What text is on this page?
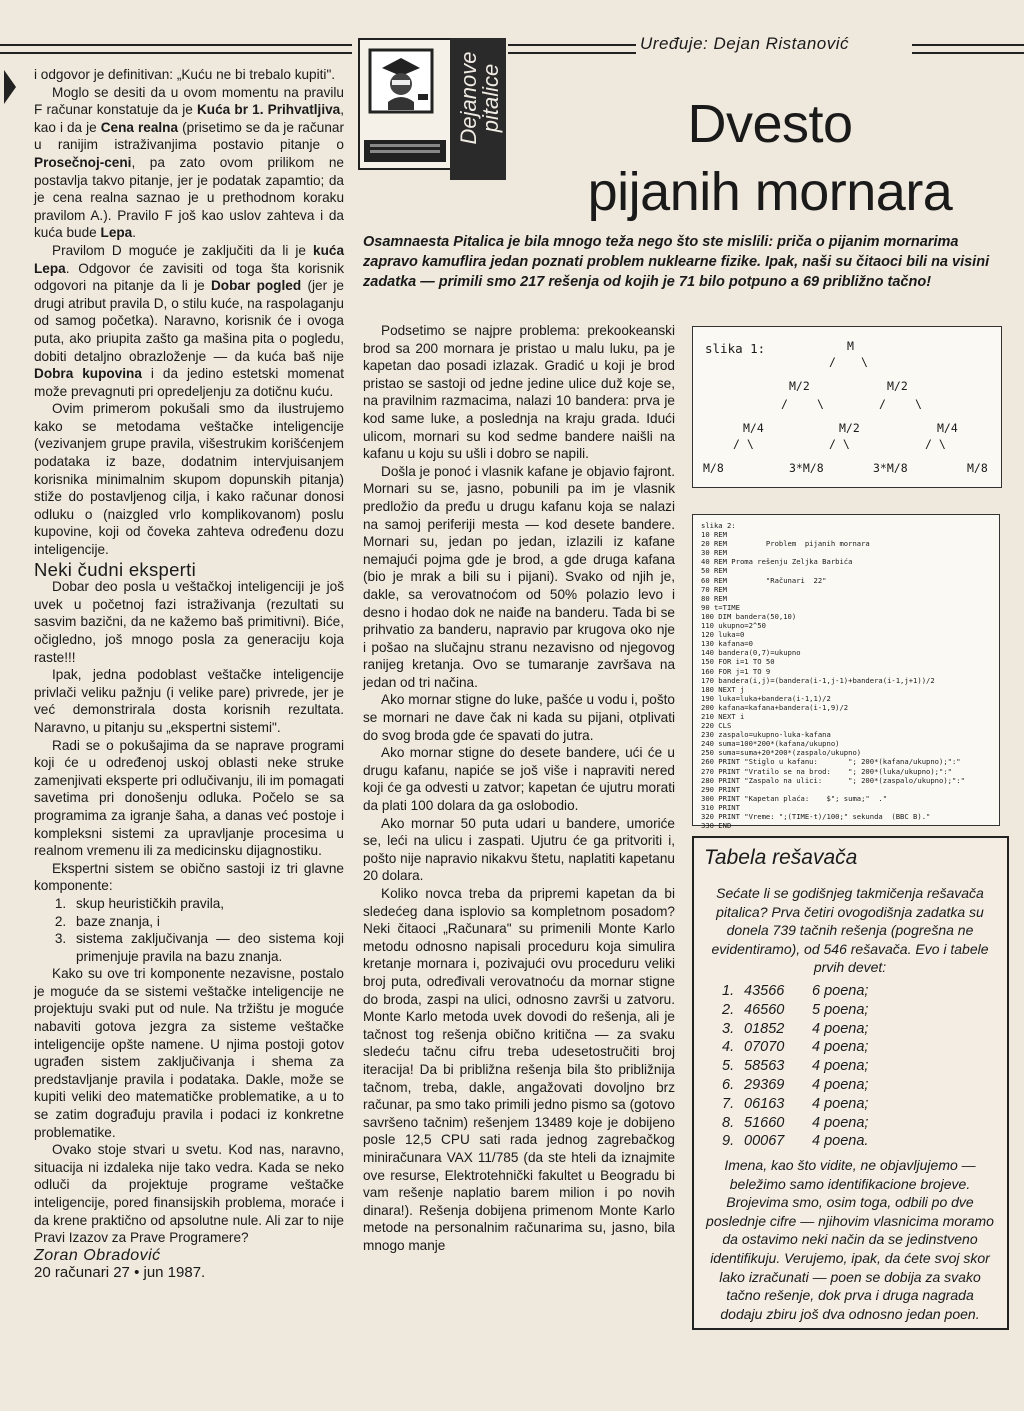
Uređuje: Dejan Ristanović
Dejanove pitalice	Dvesto
pijanih mornara
Osamnaesta Pitalica je bila mnogo teža nego što ste mislili: priča o pijanim mornarima zapravo kamuflira jedan poznati problem nuklearne fizike. Ipak, naši su čitaoci bili na visini zadatka — primili smo 217 rešenja od kojih je 71 bilo potpuno a 69 približno tačno!

i odgovor je definitivan: „Kuću ne bi trebalo kupiti".

Moglo se desiti da u ovom momentu na pravilu F računar konstatuje da je Kuća br 1. Prihvatljiva, kao i da je Cena realna (prisetimo se da je računar u ranijim istraživanjima postavio pitanje o Prosečnoj-ceni, pa zato ovom prilikom ne postavlja takvo pitanje, jer je podatak zapamtio; da je cena realna saznao je u prethodnom koraku pravilom A.). Pravilo F još kao uslov zahteva i da kuća bude Lepa.

Pravilom D moguće je zaključiti da li je kuća Lepa. Odgovor će zavisiti od toga šta korisnik odgovori na pitanje da li je Dobar pogled (jer je drugi atribut pravila D, o stilu kuće, na raspolaganju od samog početka). Naravno, korisnik će i ovoga puta, ako priupita zašto ga mašina pita o pogledu, dobiti detaljno obrazloženje — da kuća baš nije Dobra kupovina i da jedino estetski momenat može prevagnuti pri opredeljenju za dotičnu kuću.

Ovim primerom pokušali smo da ilustrujemo kako se metodama veštačke inteligencije (vezivanjem grupe pravila, višestrukim korišćenjem podataka iz baze, dodatnim intervjuisanjem korisnika minimalnim skupom dopunskih pitanja) stiže do postavljenog cilja, i kako računar donosi odluku o (naizgled vrlo komplikovanom) poslu kupovine, koji od čoveka zahteva određenu dozu inteligencije.

Neki čudni eksperti

Dobar deo posla u veštačkoj inteligenciji je još uvek u početnoj fazi istraživanja (rezultati su sasvim bazični, da ne kažemo baš primitivni). Biće, očigledno, još mnogo posla za generaciju koja raste!!!

Ipak, jedna podoblast veštačke inteligencije privlači veliku pažnju (i velike pare) privrede, jer je već demonstrirala dosta korisnih rezultata. Naravno, u pitanju su „ekspertni sistemi".

Radi se o pokušajima da se naprave programi koji će u određenoj uskoj oblasti neke struke zamenjivati eksperte pri odlučivanju, ili im pomagati savetima pri donošenju odluka. Počelo se sa programima za igranje šaha, a danas već postoje i kompleksni sistemi za upravljanje procesima u realnom vremenu ili za medicinsku dijagnostiku.

Ekspertni sistem se obično sastoji iz tri glavne komponente:

1. skup heurističkih pravila,
2. baze znanja, i
3. sistema zaključivanja — deo sistema koji primenjuje pravila na bazu znanja.

Kako su ove tri komponente nezavisne, postalo je moguće da se sistemi veštačke inteligencije ne projektuju svaki put od nule. Na tržištu je moguće nabaviti gotova jezgra za sisteme veštačke inteligencije opšte namene. U njima postoji gotov ugrađen sistem zaključivanja i shema za predstavljanje pravila i podataka. Dakle, može se kupiti veliki deo matematičke problematike, a u to se zatim dograđuju pravila i podaci iz konkretne problematike.

Ovako stoje stvari u svetu. Kod nas, naravno, situacija ni izdaleka nije tako vedra. Kada se neko odluči da projektuje programe veštačke inteligencije, pored finansijskih problema, moraće i da krene praktično od apsolutne nule. Ali zar to nije Pravi Izazov za Prave Programere?

Zoran Obradović
20 računari 27 • jun 1987.

Podsetimo se najpre problema: prekookeanski brod sa 200 mornara je pristao u malu luku, pa je kapetan dao posadi izlazak. Gradić u koji je brod pristao se sastoji od jedne jedine ulice duž koje se, na pravilnim razmacima, nalazi 10 bandera: prva je kod same luke, a poslednja na kraju grada. Idući ulicom, mornari su kod sedme bandere naišli na kafanu u koju su ušli i dobro se napili.

Došla je ponoć i vlasnik kafane je objavio fajront. Mornari su se, jasno, pobunili pa im je vlasnik predložio da pređu u drugu kafanu koja se nalazi na samoj periferiji mesta — kod desete bandere. Mornari su, jedan po jedan, izlazili iz kafane nemajući pojma gde je brod, a gde druga kafana (bio je mrak a bili su i pijani). Svako od njih je, dakle, sa verovatnoćom od 50% polazio levo i desno i hodao dok ne naiđe na banderu. Tada bi se prihvatio za banderu, napravio par krugova oko nje i pošao na slučajnu stranu nezavisno od njegovog ranijeg kretanja. Ovo se tumaranje završava na jedan od tri načina.

Ako mornar stigne do luke, pašće u vodu i, pošto se mornari ne dave čak ni kada su pijani, otplivati do svog broda gde će spavati do jutra.

Ako mornar stigne do desete bandere, ući će u drugu kafanu, napiće se još više i napraviti nered koji će ga odvesti u zatvor; kapetan će ujutru morati da plati 100 dolara da ga oslobodio.

Ako mornar 50 puta udari u bandere, umoriće se, leći na ulicu i zaspati. Ujutru će ga pritvoriti i, pošto nije napravio nikakvu štetu, naplatiti kapetanu 20 dolara.

Koliko novca treba da pripremi kapetan da bi sledećeg dana isplovio sa kompletnom posadom? Neki čitaoci „Računara" su primenili Monte Karlo metodu odnosno napisali proceduru koja simulira kretanje mornara i, pozivajući ovu proceduru veliki broj puta, određivali verovatnoću da mornar stigne do broda, zaspi na ulici, odnosno završi u zatvoru. Monte Karlo metoda uvek dovodi do rešenja, ali je tačnost tog rešenja obično kritična — za svaku sledeću tačnu cifru treba udesetostručiti broj iteracija! Da bi približna rešenja bila što približnija tačnom, treba, dakle, angažovati dovoljno brz računar, pa smo tako primili jedno pismo sa (gotovo savršeno tačnim) rešenjem 13489 koje je dobijeno posle 12,5 CPU sati rada jednog zagrebačkog miniračunara VAX 11/785 (da ste hteli da iznajmite ove resurse, Elektrotehnički fakultet u Beogradu bi vam rešenje naplatio barem milion i po novih dinara!). Rešenja dobijena primenom Monte Karlo metode na personalnim računarima su, jasno, bila mnogo manje

slika 1:	M
/ \
M/2	M/2
/	\	/	\
M/4	M/2	M/4
/ \	/ \	/ \
M/8	3*M/8	3*M/8	M/8
slika 2:
10 REM
20 REM         Problem  pijanih mornara
30 REM
40 REM Proma rešenju Zeljka Barbića
50 REM
60 REM         "Računari  22"
70 REM
80 REM
90 t=TIME
100 DIM bandera(50,10)
110 ukupno=2^50
120 luka=0
130 kafana=0
140 bandera(0,7)=ukupno
150 FOR i=1 TO 50
160 FOR j=1 TO 9
170 bandera(i,j)=(bandera(i-1,j-1)+bandera(i-1,j+1))/2
180 NEXT j
190 luka=luka+bandera(i-1,1)/2
200 kafana=kafana+bandera(i-1,9)/2
210 NEXT i
220 CLS
230 zaspalo=ukupno-luka-kafana
240 suma=100*200*(kafana/ukupno)
250 suma=suma+20*200*(zaspalo/ukupno)
260 PRINT "Stiglo u kafanu:       "; 200*(kafana/ukupno);":"
270 PRINT "Vratilo se na brod:    "; 200*(luka/ukupno);":"
280 PRINT "Zaspalo na ulici:      "; 200*(zaspalo/ukupno);":"
290 PRINT
300 PRINT "Kapetan plaća:    $"; suma;"  ."
310 PRINT
320 PRINT "Vreme: ";(TIME-t)/100;" sekunda  (BBC B)."
330 END
Tabela rešavača
Sećate li se godišnjeg takmičenja rešavača pitalica? Prva četiri ovogodišnja zadatka su donela 739 tačnih rešenja (pogrešna ne evidentiramo), od 546 rešavača. Evo i tabele prvih devet:
1. 43566 6 poena;
2. 46560 5 poena;
3. 01852 4 poena;
4. 07070 4 poena;
5. 58563 4 poena;
6. 29369 4 poena;
7. 06163 4 poena;
8. 51660 4 poena;
9. 00067 4 poena.
Imena, kao što vidite, ne objavljujemo — beležimo samo identifikacione brojeve. Brojevima smo, osim toga, odbili po dve poslednje cifre — njihovim vlasnicima moramo da ostavimo neki način da se jedinstveno identifikuju. Verujemo, ipak, da ćete svoj skor lako izračunati — poen se dobija za svako tačno rešenje, dok prva i druga nagrada dodaju zbiru još dva odnosno jedan poen.
